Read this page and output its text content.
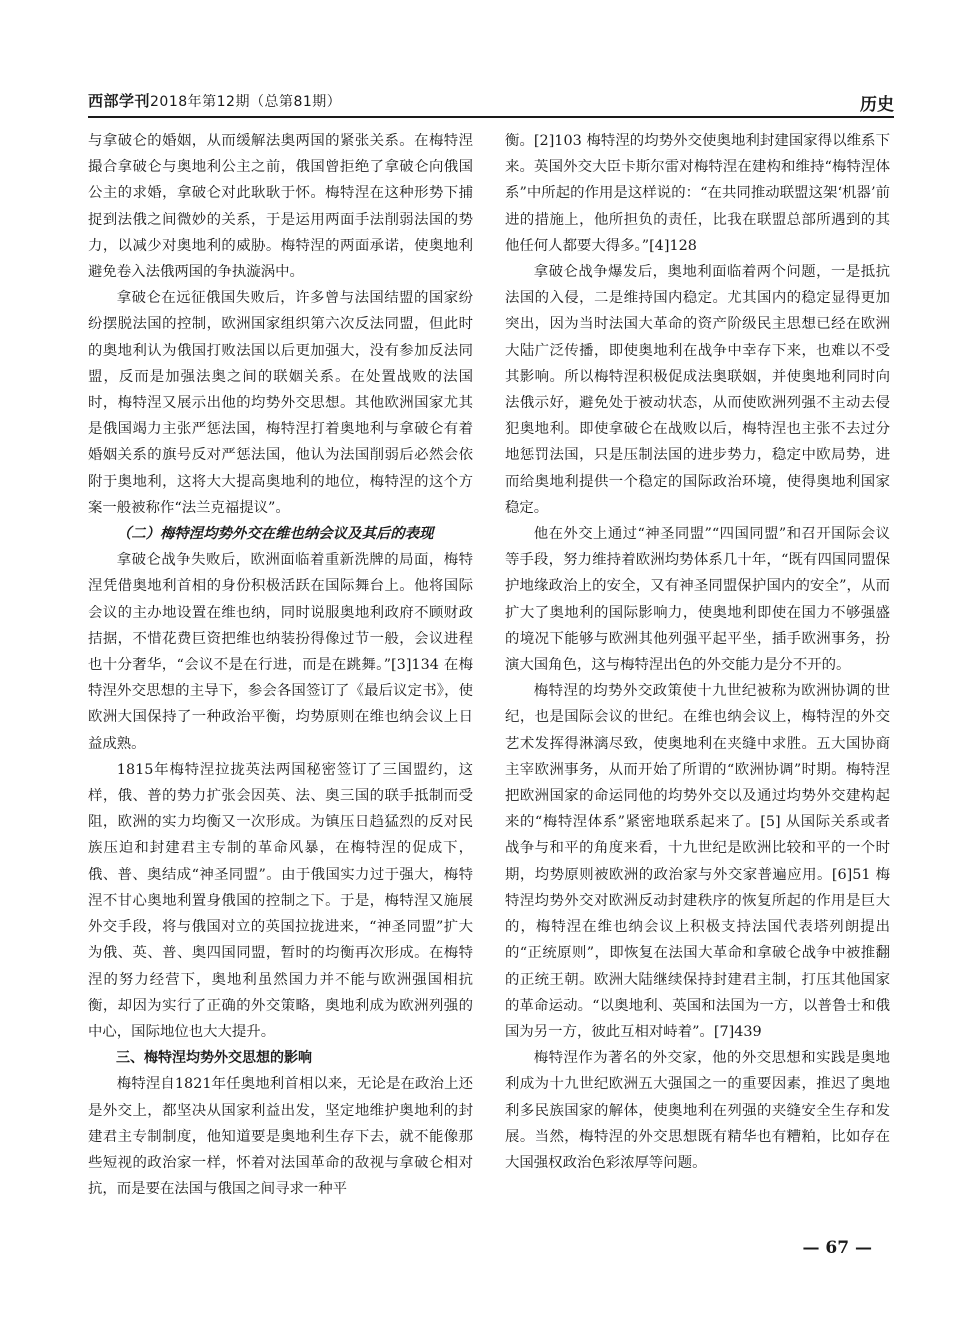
西部学刊2018年第12期（总第81期）	历史

与拿破仑的婚姻，从而缓解法奥两国的紧张关系。在梅特涅撮合拿破仑与奥地利公主之前，俄国曾拒绝了拿破仑向俄国公主的求婚，拿破仑对此耿耿于怀。梅特涅在这种形势下捕捉到法俄之间微妙的关系，于是运用两面手法削弱法国的势力，以减少对奥地利的威胁。梅特涅的两面承诺，使奥地利避免卷入法俄两国的争执漩涡中。

拿破仑在远征俄国失败后，许多曾与法国结盟的国家纷纷摆脱法国的控制，欧洲国家组织第六次反法同盟，但此时的奥地利认为俄国打败法国以后更加强大，没有参加反法同盟，反而是加强法奥之间的联姻关系。在处置战败的法国时，梅特涅又展示出他的均势外交思想。其他欧洲国家尤其是俄国竭力主张严惩法国，梅特涅打着奥地利与拿破仑有着婚姻关系的旗号反对严惩法国，他认为法国削弱后必然会依附于奥地利，这将大大提高奥地利的地位，梅特涅的这个方案一般被称作“法兰克福提议”。

（二）梅特涅均势外交在维也纳会议及其后的表现

拿破仑战争失败后，欧洲面临着重新洗牌的局面，梅特涅凭借奥地利首相的身份积极活跃在国际舞台上。他将国际会议的主办地设置在维也纳，同时说服奥地利政府不顾财政拮据，不惜花费巨资把维也纳装扮得像过节一般，会议进程也十分奢华，“会议不是在行进，而是在跳舞。”[3]134 在梅特涅外交思想的主导下，参会各国签订了《最后议定书》，使欧洲大国保持了一种政治平衡，均势原则在维也纳会议上日益成熟。

1815年梅特涅拉拢英法两国秘密签订了三国盟约，这样，俄、普的势力扩张会因英、法、奥三国的联手抵制而受阻，欧洲的实力均衡又一次形成。为镇压日趋猛烈的反对民族压迫和封建君主专制的革命风暴，在梅特涅的促成下，俄、普、奥结成“神圣同盟”。由于俄国实力过于强大，梅特涅不甘心奥地利置身俄国的控制之下。于是，梅特涅又施展外交手段，将与俄国对立的英国拉拢进来，“神圣同盟”扩大为俄、英、普、奥四国同盟，暂时的均衡再次形成。在梅特涅的努力经营下，奥地利虽然国力并不能与欧洲强国相抗衡，却因为实行了正确的外交策略，奥地利成为欧洲列强的中心，国际地位也大大提升。

三、梅特涅均势外交思想的影响

梅特涅自1821年任奥地利首相以来，无论是在政治上还是外交上，都坚决从国家利益出发，坚定地维护奥地利的封建君主专制制度，他知道要是奥地利生存下去，就不能像那些短视的政治家一样，怀着对法国革命的敌视与拿破仑相对抗，而是要在法国与俄国之间寻求一种平

衡。[2]103 梅特涅的均势外交使奥地利封建国家得以维系下来。英国外交大臣卡斯尔雷对梅特涅在建构和维持“梅特涅体系”中所起的作用是这样说的：“在共同推动联盟这架‘机器’前进的措施上，他所担负的责任，比我在联盟总部所遇到的其他任何人都要大得多。”[4]128

拿破仑战争爆发后，奥地利面临着两个问题，一是抵抗法国的入侵，二是维持国内稳定。尤其国内的稳定显得更加突出，因为当时法国大革命的资产阶级民主思想已经在欧洲大陆广泛传播，即使奥地利在战争中幸存下来，也难以不受其影响。所以梅特涅积极促成法奥联姻，并使奥地利同时向法俄示好，避免处于被动状态，从而使欧洲列强不主动去侵犯奥地利。即使拿破仑在战败以后，梅特涅也主张不去过分地惩罚法国，只是压制法国的进步势力，稳定中欧局势，进而给奥地利提供一个稳定的国际政治环境，使得奥地利国家稳定。

他在外交上通过“神圣同盟”“四国同盟”和召开国际会议等手段，努力维持着欧洲均势体系几十年，“既有四国同盟保护地缘政治上的安全，又有神圣同盟保护国内的安全”，从而扩大了奥地利的国际影响力，使奥地利即使在国力不够强盛的境况下能够与欧洲其他列强平起平坐，插手欧洲事务，扮演大国角色，这与梅特涅出色的外交能力是分不开的。

梅特涅的均势外交政策使十九世纪被称为欧洲协调的世纪，也是国际会议的世纪。在维也纳会议上，梅特涅的外交艺术发挥得淋漓尽致，使奥地利在夹缝中求胜。五大国协商主宰欧洲事务，从而开始了所谓的“欧洲协调”时期。梅特涅把欧洲国家的命运同他的均势外交以及通过均势外交建构起来的“梅特涅体系”紧密地联系起来了。[5] 从国际关系或者战争与和平的角度来看，十九世纪是欧洲比较和平的一个时期，均势原则被欧洲的政治家与外交家普遍应用。[6]51 梅特涅均势外交对欧洲反动封建秩序的恢复所起的作用是巨大的，梅特涅在维也纳会议上积极支持法国代表塔列朗提出的“正统原则”，即恢复在法国大革命和拿破仑战争中被推翻的正统王朝。欧洲大陆继续保持封建君主制，打压其他国家的革命运动。“以奥地利、英国和法国为一方，以普鲁士和俄国为另一方，彼此互相对峙着”。[7]439

梅特涅作为著名的外交家，他的外交思想和实践是奥地利成为十九世纪欧洲五大强国之一的重要因素，推迟了奥地利多民族国家的解体，使奥地利在列强的夹缝安全生存和发展。当然，梅特涅的外交思想既有精华也有糟粕，比如存在大国强权政治色彩浓厚等问题。

— 67 —
